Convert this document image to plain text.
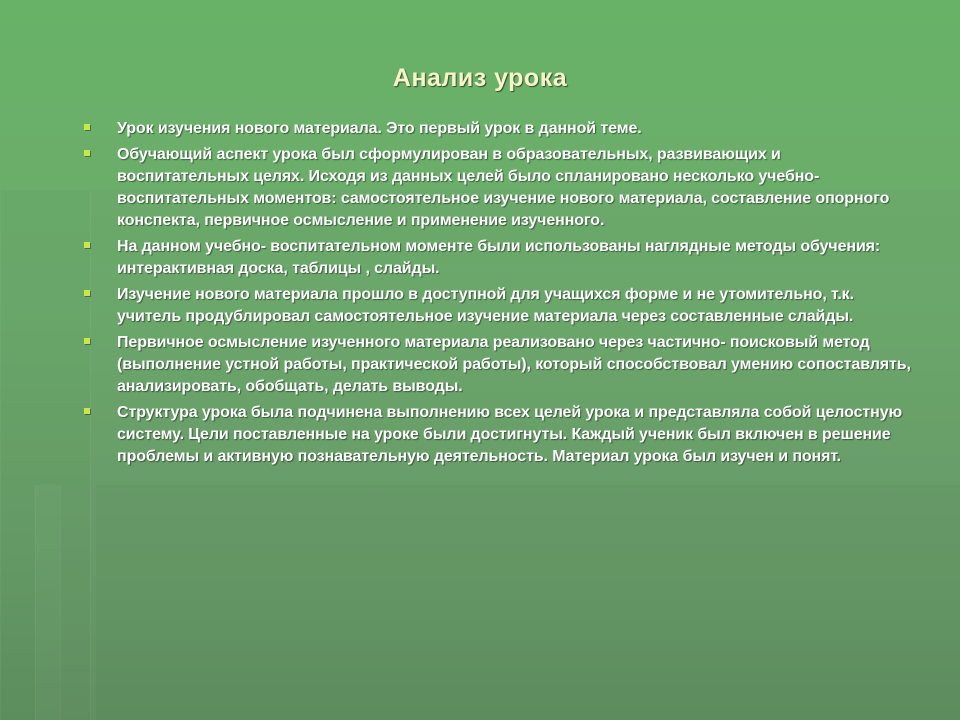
Анализ урока
Урок изучения нового материала. Это первый урок в данной теме.
Обучающий аспект урока был сформулирован в образовательных, развивающих и воспитательных целях. Исходя из данных целей было спланировано несколько учебно-воспитательных моментов: самостоятельное изучение нового материала, составление опорного конспекта, первичное осмысление и применение изученного.
На данном учебно- воспитательном моменте были использованы наглядные методы обучения: интерактивная доска, таблицы , слайды.
Изучение нового материала прошло в доступной для учащихся форме и не утомительно, т.к. учитель продублировал самостоятельное изучение материала через составленные слайды.
Первичное осмысление изученного материала реализовано через частично- поисковый метод (выполнение устной работы, практической работы), который способствовал умению сопоставлять, анализировать, обобщать, делать выводы.
Структура урока была подчинена выполнению всех целей урока и представляла собой целостную систему. Цели поставленные на уроке были достигнуты. Каждый ученик был включен в решение проблемы и активную познавательную деятельность. Материал урока был изучен и понят.
